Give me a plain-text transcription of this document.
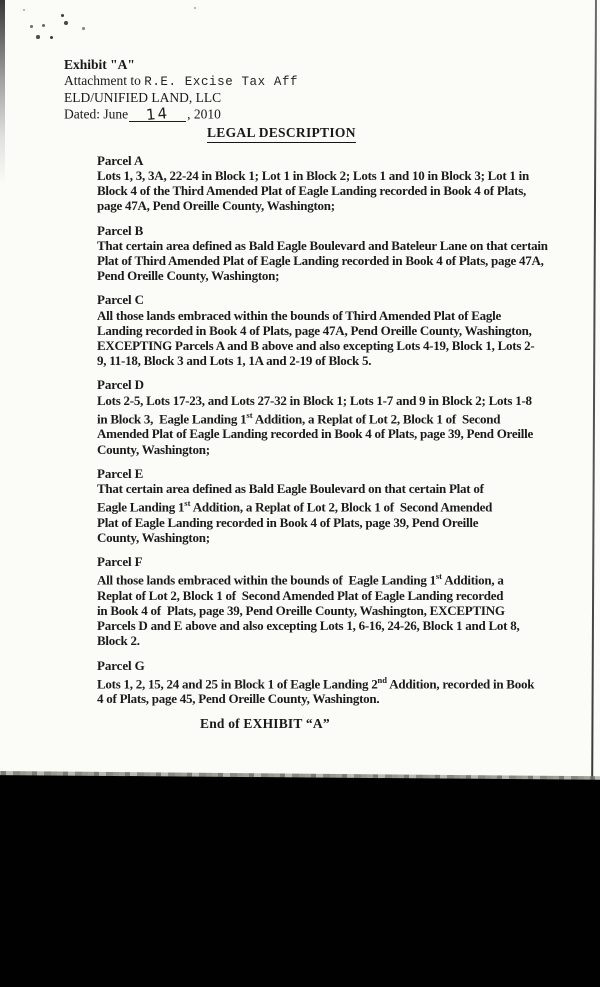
Exhibit "A"
Attachment to R.E. Excise Tax Aff
ELD/UNIFIED LAND, LLC
Dated: June 14 , 2010
LEGAL DESCRIPTION
Parcel A
Lots 1, 3, 3A, 22-24 in Block 1; Lot 1 in Block 2; Lots 1 and 10 in Block 3; Lot 1 in
Block 4 of the Third Amended Plat of Eagle Landing recorded in Book 4 of Plats,
page 47A, Pend Oreille County, Washington;
Parcel B
That certain area defined as Bald Eagle Boulevard and Bateleur Lane on that certain
Plat of Third Amended Plat of Eagle Landing recorded in Book 4 of Plats, page 47A,
Pend Oreille County, Washington;
Parcel C
All those lands embraced within the bounds of Third Amended Plat of Eagle
Landing recorded in Book 4 of Plats, page 47A, Pend Oreille County, Washington,
EXCEPTING Parcels A and B above and also excepting Lots 4-19, Block 1, Lots 2-
9, 11-18, Block 3 and Lots 1, 1A and 2-19 of Block 5.
Parcel D
Lots 2-5, Lots 17-23, and Lots 27-32 in Block 1; Lots 1-7 and 9 in Block 2; Lots 1-8
in Block 3,  Eagle Landing 1st Addition, a Replat of Lot 2, Block 1 of  Second
Amended Plat of Eagle Landing recorded in Book 4 of Plats, page 39, Pend Oreille
County, Washington;
Parcel E
That certain area defined as Bald Eagle Boulevard on that certain Plat of
Eagle Landing 1st Addition, a Replat of Lot 2, Block 1 of  Second Amended
Plat of Eagle Landing recorded in Book 4 of Plats, page 39, Pend Oreille
County, Washington;
Parcel F
All those lands embraced within the bounds of  Eagle Landing 1st Addition, a
Replat of Lot 2, Block 1 of  Second Amended Plat of Eagle Landing recorded
in Book 4 of  Plats, page 39, Pend Oreille County, Washington, EXCEPTING
Parcels D and E above and also excepting Lots 1, 6-16, 24-26, Block 1 and Lot 8,
Block 2.
Parcel G
Lots 1, 2, 15, 24 and 25 in Block 1 of Eagle Landing 2nd Addition, recorded in Book
4 of Plats, page 45, Pend Oreille County, Washington.
End of EXHIBIT “A”
